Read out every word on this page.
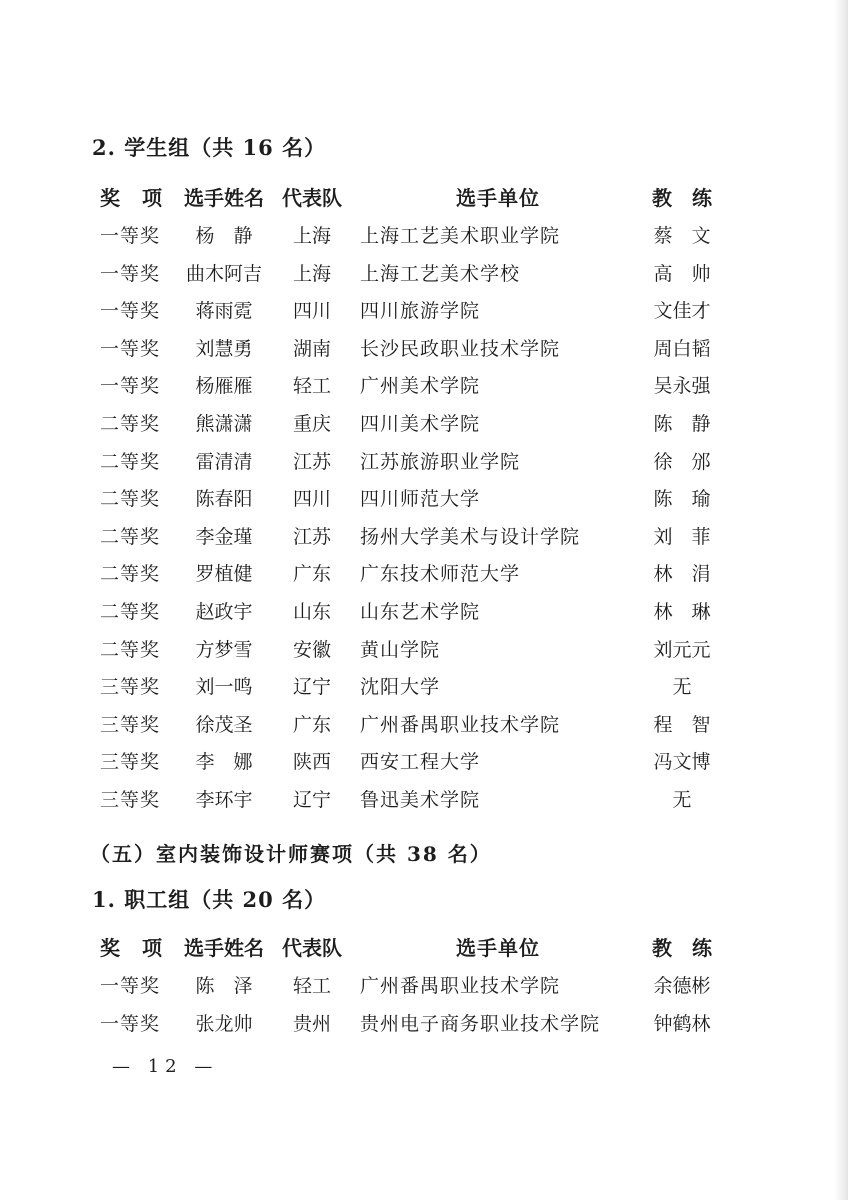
2. 学生组（共 16 名）
奖　项	选手姓名 代表队	选手单位	教　练
一等奖	杨　静	上海	上海工艺美术职业学院	蔡　文
一等奖	曲木阿吉	上海	上海工艺美术学校	高　帅
一等奖	蒋雨霓	四川	四川旅游学院	文佳才
一等奖	刘慧勇	湖南	长沙民政职业技术学院	周白韬
一等奖	杨雁雁	轻工	广州美术学院	吴永强
二等奖	熊潇潇	重庆	四川美术学院	陈　静
二等奖	雷清清	江苏	江苏旅游职业学院	徐　邠
二等奖	陈春阳	四川	四川师范大学	陈　瑜
二等奖	李金瑾	江苏	扬州大学美术与设计学院	刘　菲
二等奖	罗植健	广东	广东技术师范大学	林　涓
二等奖	赵政宇	山东	山东艺术学院	林　琳
二等奖	方梦雪	安徽	黄山学院	刘元元
三等奖	刘一鸣	辽宁	沈阳大学	无
三等奖	徐茂圣	广东	广州番禺职业技术学院	程　智
三等奖	李　娜	陕西	西安工程大学	冯文博
三等奖	李环宇	辽宁	鲁迅美术学院	无
（五）室内装饰设计师赛项（共 38 名）
1. 职工组（共 20 名）
奖　项	选手姓名 代表队	选手单位	教　练
一等奖	陈　泽	轻工	广州番禺职业技术学院	余德彬
一等奖	张龙帅	贵州	贵州电子商务职业技术学院	钟鹤林
— 12 —
